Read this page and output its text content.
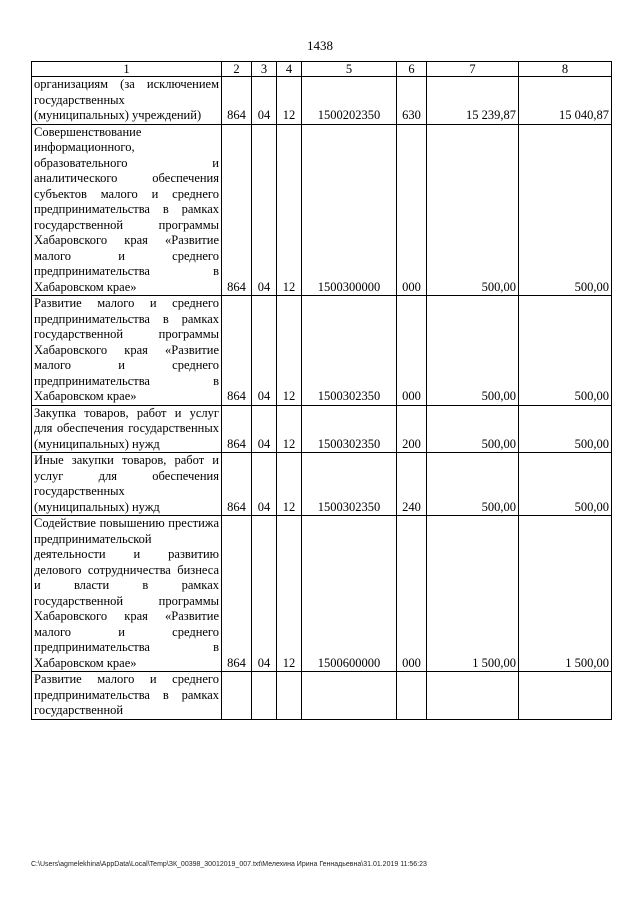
1438
1	2	3	4	5	6	7	8
организациям (за исключением государственных (муниципальных) учреждений)	864	04	12	1500202350	630	15 239,87	15 040,87
Совершенствование информационного, образовательного и аналитического обеспечения субъектов малого и среднего предпринимательства в рамках государственной программы Хабаровского края «Развитие малого и среднего предпринимательства в Хабаровском крае»	864	04	12	1500300000	000	500,00	500,00
Развитие малого и среднего предпринимательства в рамках государственной программы Хабаровского края «Развитие малого и среднего предпринимательства в Хабаровском крае»	864	04	12	1500302350	000	500,00	500,00
Закупка товаров, работ и услуг для обеспечения государственных (муниципальных) нужд	864	04	12	1500302350	200	500,00	500,00
Иные закупки товаров, работ и услуг для обеспечения государственных (муниципальных) нужд	864	04	12	1500302350	240	500,00	500,00
Содействие повышению престижа предпринимательской деятельности и развитию делового сотрудничества бизнеса и власти в рамках государственной программы Хабаровского края «Развитие малого и среднего предпринимательства в Хабаровском крае»	864	04	12	1500600000	000	1 500,00	1 500,00
Развитие малого и среднего предпринимательства в рамках государственной							
C:\Users\agmelekhina\AppData\Local\Temp\ЗК_00398_30012019_007.txt\Мелехина Ирина Геннадьевна\31.01.2019 11:56:23
